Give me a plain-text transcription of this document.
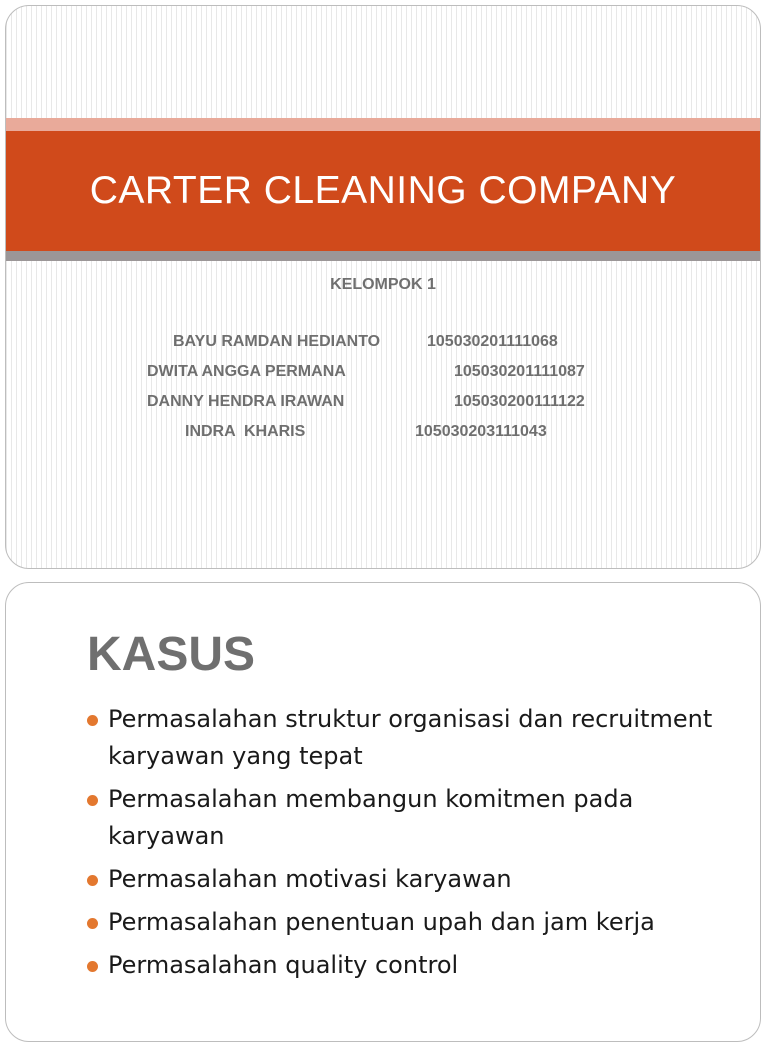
CARTER CLEANING COMPANY
KELOMPOK 1
BAYU RAMDAN HEDIANTO	105030201111068
DWITA ANGGA PERMANA	105030201111087
DANNY HENDRA IRAWAN	105030200111122
INDRA  KHARIS	105030203111043
KASUS
Permasalahan struktur organisasi dan recruitment karyawan yang tepat
Permasalahan membangun komitmen pada karyawan
Permasalahan motivasi karyawan
Permasalahan penentuan upah dan jam kerja
Permasalahan quality control
